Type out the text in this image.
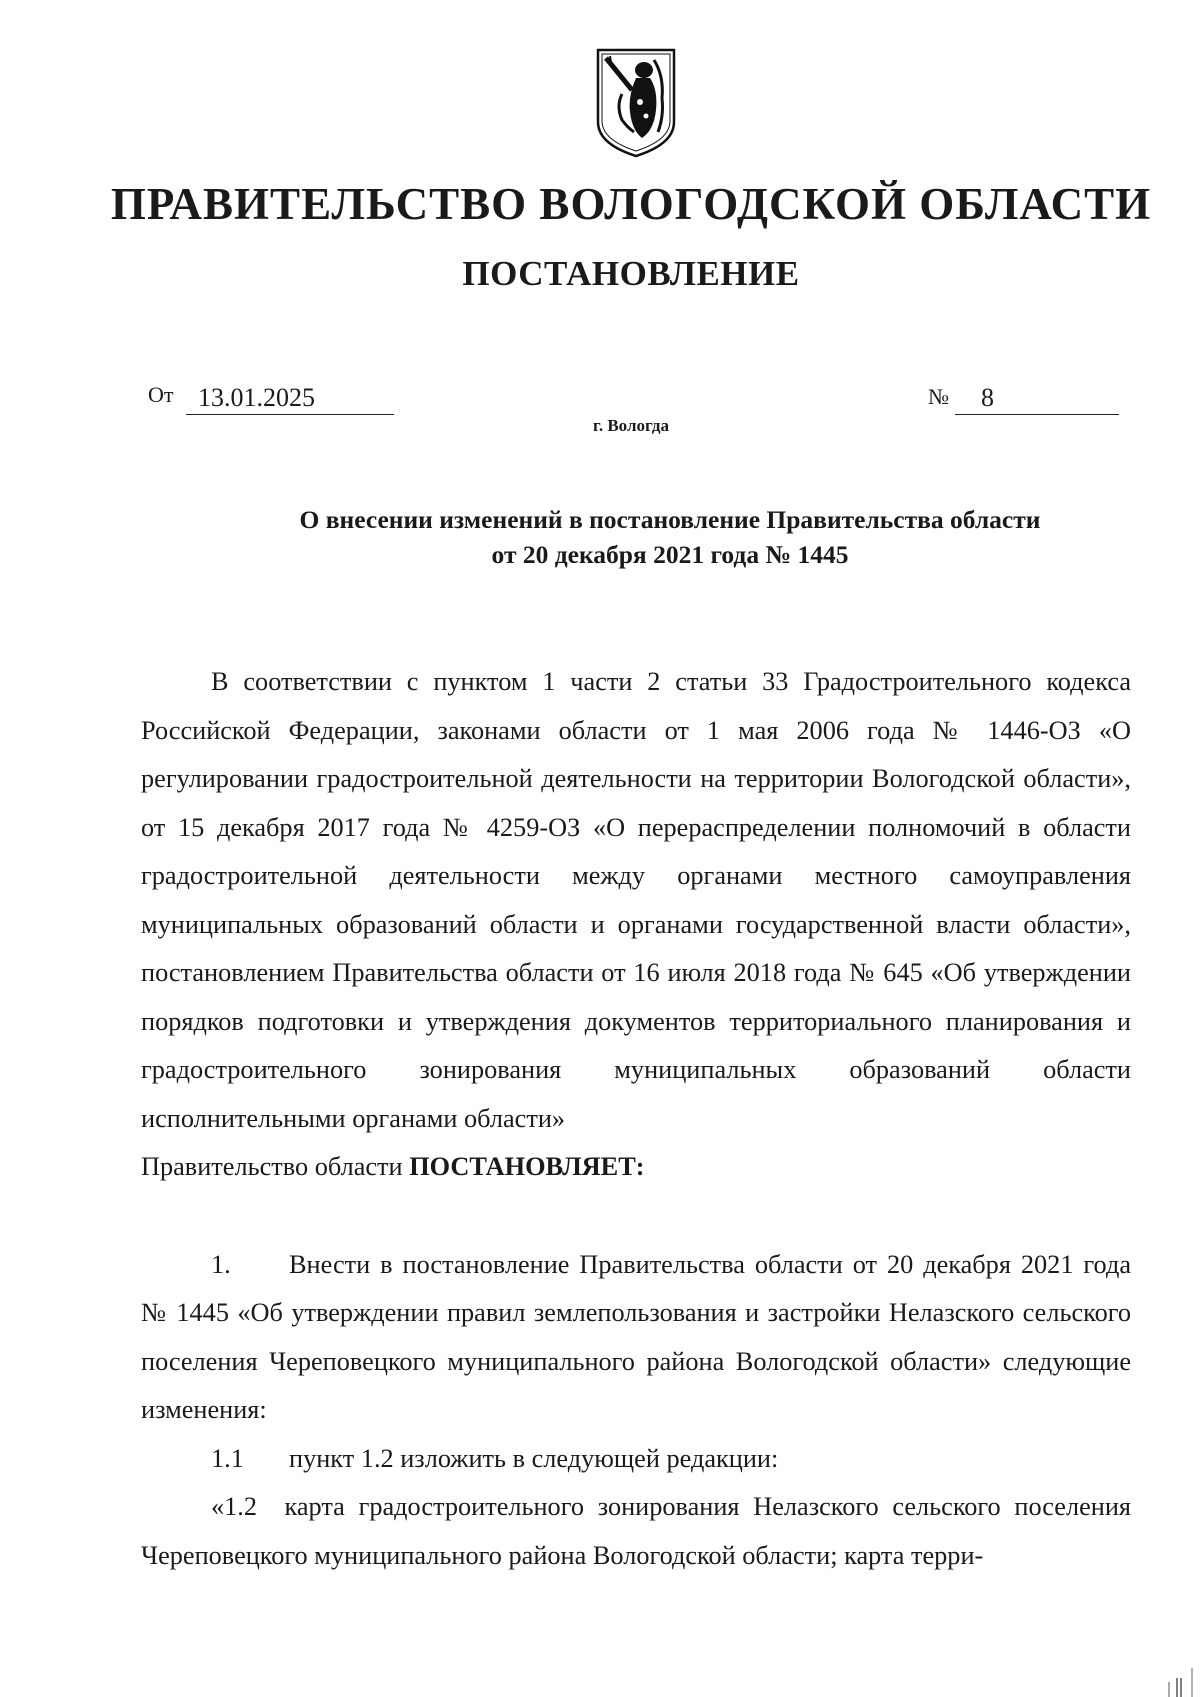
ПРАВИТЕЛЬСТВО ВОЛОГОДСКОЙ ОБЛАСТИ
ПОСТАНОВЛЕНИЕ
От 13.01.2025	№	8
г. Вологда
О внесении изменений в постановление Правительства области
от 20 декабря 2021 года № 1445

В соответствии с пунктом 1 части 2 статьи 33 Градостроительного кодекса Российской Федерации, законами области от 1 мая 2006 года № 1446-ОЗ «О регулировании градостроительной деятельности на территории Вологодской области», от 15 декабря 2017 года № 4259-ОЗ «О перераспределении полномочий в области градостроительной деятельности между органами местного самоуправления муниципальных образований области и органами государственной власти области», постановлением Правительства области от 16 июля 2018 года № 645 «Об утверждении порядков подготовки и утверждения документов территориального планирования и градостроительного зонирования муниципальных образований области исполнительными органами области»

Правительство области ПОСТАНОВЛЯЕТ:

1. Внести в постановление Правительства области от 20 декабря 2021 года № 1445 «Об утверждении правил землепользования и застройки Нелазского сельского поселения Череповецкого муниципального района Вологодской области» следующие изменения:

1.1 пункт 1.2 изложить в следующей редакции:

«1.2 карта градостроительного зонирования Нелазского сельского поселения Череповецкого муниципального района Вологодской области; карта терри-
